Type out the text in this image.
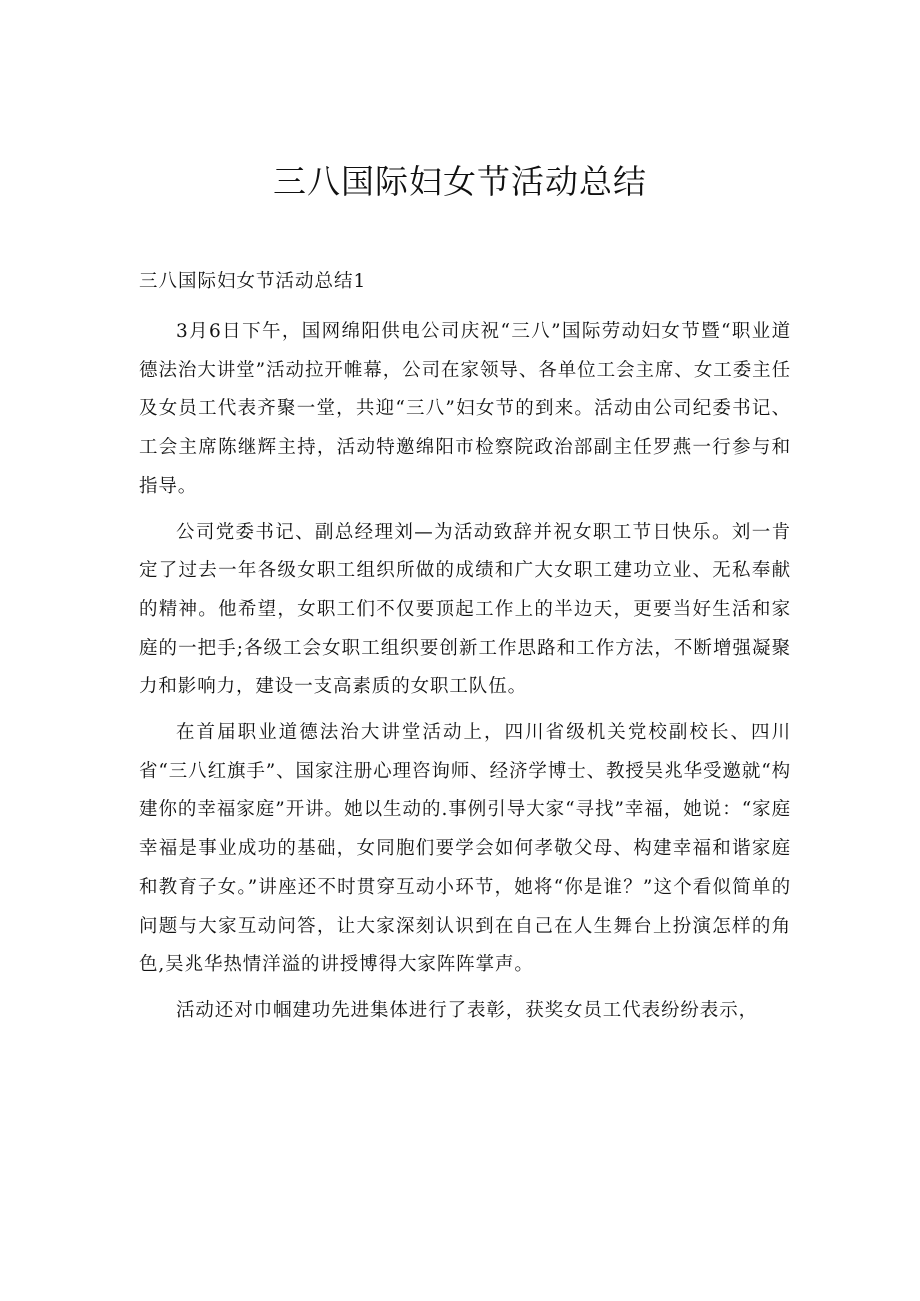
三八国际妇女节活动总结
三八国际妇女节活动总结1

3月6日下午，国网绵阳供电公司庆祝“三八”国际劳动妇女节暨“职业道德法治大讲堂”活动拉开帷幕，公司在家领导、各单位工会主席、女工委主任及女员工代表齐聚一堂，共迎“三八”妇女节的到来。活动由公司纪委书记、工会主席陈继辉主持，活动特邀绵阳市检察院政治部副主任罗燕一行参与和指导。

公司党委书记、副总经理刘—为活动致辞并祝女职工节日快乐。刘一肯定了过去一年各级女职工组织所做的成绩和广大女职工建功立业、无私奉献的精神。他希望，女职工们不仅要顶起工作上的半边天，更要当好生活和家庭的一把手;各级工会女职工组织要创新工作思路和工作方法，不断增强凝聚力和影响力，建设一支高素质的女职工队伍。

在首届职业道德法治大讲堂活动上，四川省级机关党校副校长、四川省“三八红旗手”、国家注册心理咨询师、经济学博士、教授吴兆华受邀就“构建你的幸福家庭”开讲。她以生动的.事例引导大家“寻找”幸福，她说：“家庭幸福是事业成功的基础，女同胞们要学会如何孝敬父母、构建幸福和谐家庭和教育子女。”讲座还不时贯穿互动小环节，她将“你是谁？”这个看似简单的问题与大家互动问答，让大家深刻认识到在自己在人生舞台上扮演怎样的角色,吴兆华热情洋溢的讲授博得大家阵阵掌声。

活动还对巾帼建功先进集体进行了表彰，获奖女员工代表纷纷表示，
